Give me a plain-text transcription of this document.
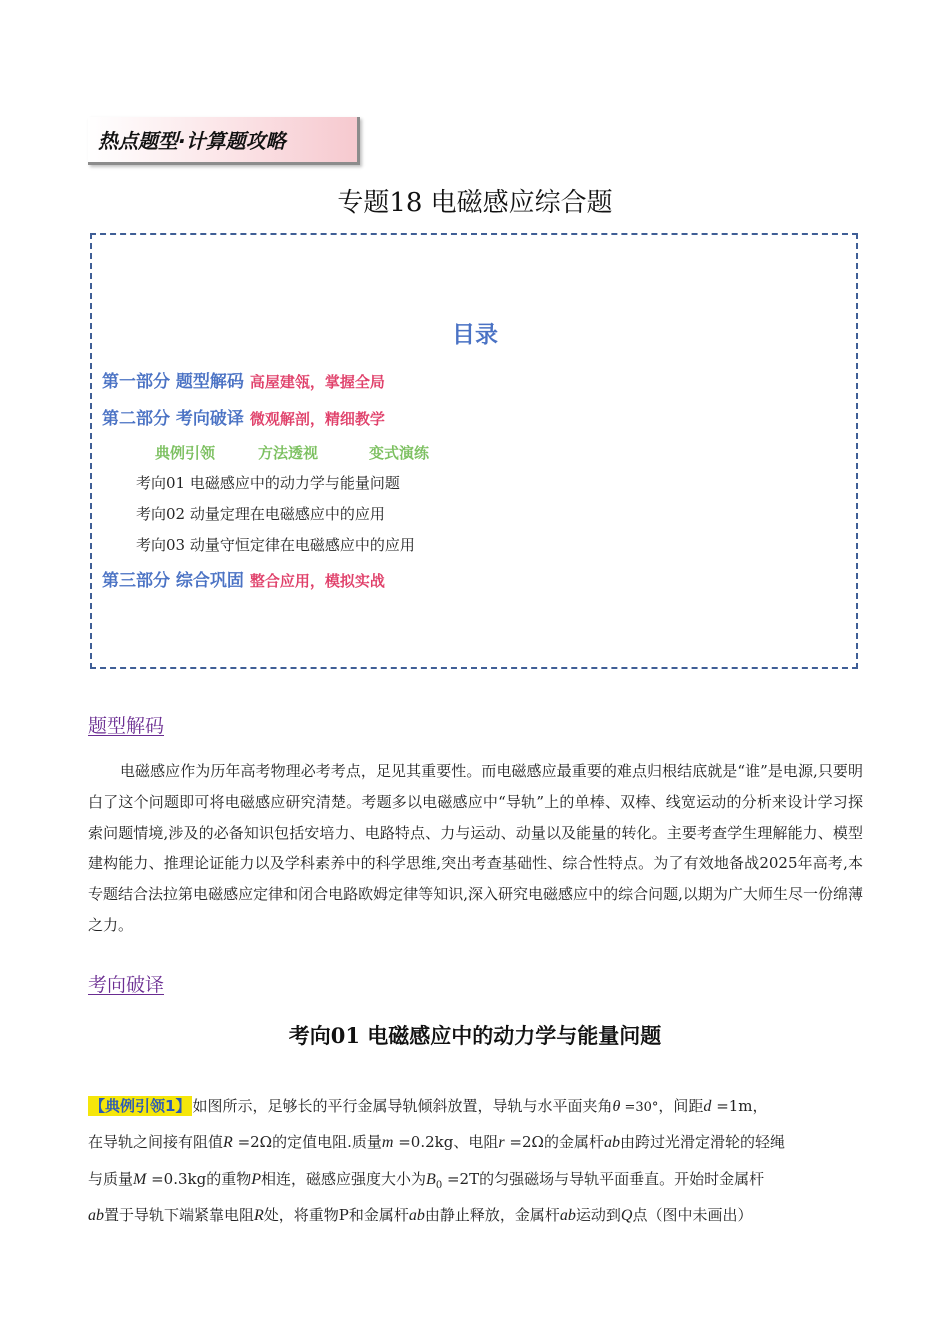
热点题型·计算题攻略
专题18 电磁感应综合题
目录
第一部分 题型解码 高屋建瓴，掌握全局
第二部分 考向破译 微观解剖，精细教学
典例引领	方法透视	变式演练
考向01 电磁感应中的动力学与能量问题
考向02 动量定理在电磁感应中的应用
考向03 动量守恒定律在电磁感应中的应用
第三部分 综合巩固 整合应用，模拟实战
题型解码
电磁感应作为历年高考物理必考考点，足见其重要性。而电磁感应最重要的难点归根结底就是“谁”是电源,只要明白了这个问题即可将电磁感应研究清楚。考题多以电磁感应中“导轨”上的单棒、双棒、线宽运动的分析来设计学习探索问题情境,涉及的必备知识包括安培力、电路特点、力与运动、动量以及能量的转化。主要考查学生理解能力、模型建构能力、推理论证能力以及学科素养中的科学思维,突出考查基础性、综合性特点。为了有效地备战2025年高考,本专题结合法拉第电磁感应定律和闭合电路欧姆定律等知识,深入研究电磁感应中的综合问题,以期为广大师生尽一份绵薄之力。
考向破译
考向01 电磁感应中的动力学与能量问题
【典例引领1】 如图所示，足够长的平行金属导轨倾斜放置，导轨与水平面夹角θ =30°，间距d =1m，
在导轨之间接有阻值R =2Ω的定值电阻.质量m =0.2kg、电阻r =2Ω的金属杆ab由跨过光滑定滑轮的轻绳
与质量M =0.3kg的重物P相连，磁感应强度大小为$B_0 =2T$的匀强磁场与导轨平面垂直。开始时金属杆
ab置于导轨下端紧靠电阻R处，将重物P和金属杆ab由静止释放，金属杆ab运动到Q点（图中未画出）
